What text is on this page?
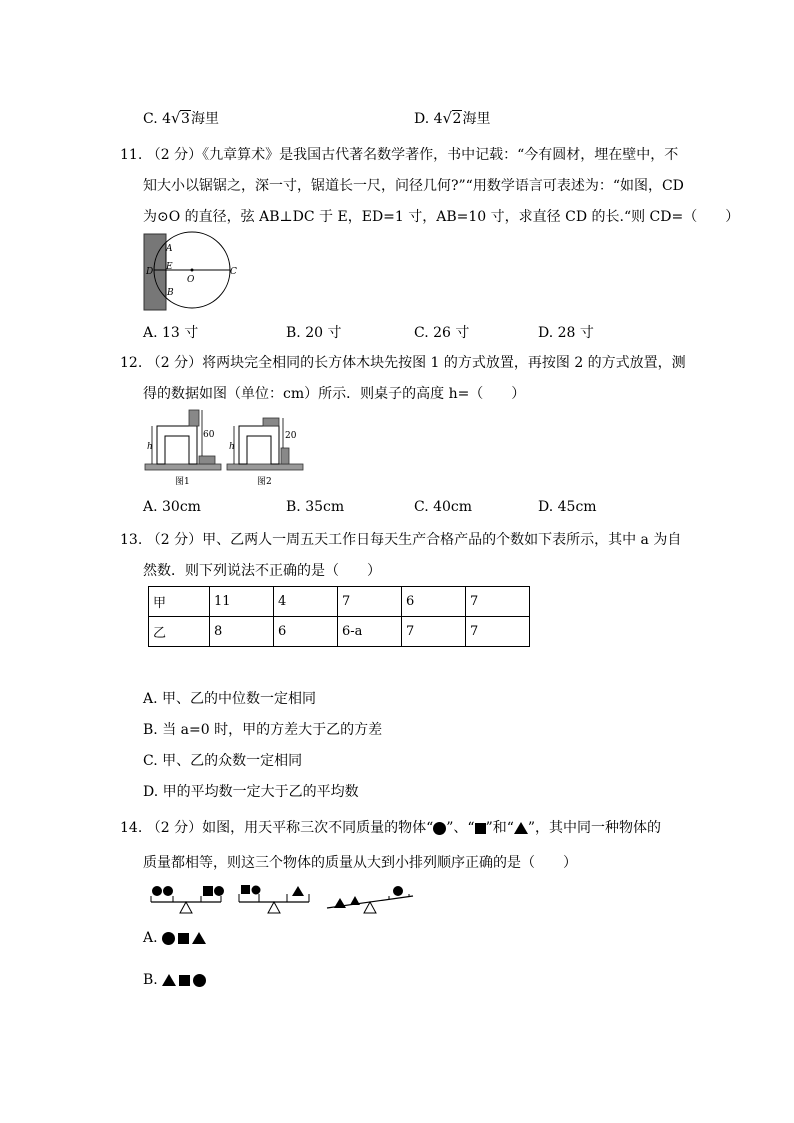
C. 4 √ 3海里	D. 4 √ 2海里
11. （2 分）《九章算术》是我国古代著名数学著作，书中记载：“今有圆材，埋在壁中，不
知大小以锯锯之，深一寸，锯道长一尺，问径几何?”“用数学语言可表述为：“如图，CD
为⊙O 的直径，弦 AB⊥DC 于 E，ED=1 寸，AB=10 寸，求直径 CD 的长.“则 CD=（　　）
A
D E
O
C
B
A. 13 寸	B. 20 寸	C. 26 寸	D. 28 寸
12. （2 分）将两块完全相同的长方体木块先按图 1 的方式放置，再按图 2 的方式放置，测
得的数据如图（单位：cm）所示．则桌子的高度 h=（　　）
h
60
图1
h
20
图2
A. 30cm	B. 35cm	C. 40cm	D. 45cm
13. （2 分）甲、乙两人一周五天工作日每天生产合格产品的个数如下表所示，其中 a 为自
然数．则下列说法不正确的是（　　）
甲	11	4	7	6	7
乙	8	6	6-a	7	7
A. 甲、乙的中位数一定相同
B. 当 a=0 时，甲的方差大于乙的方差
C. 甲、乙的众数一定相同
D. 甲的平均数一定大于乙的平均数
14. （2 分）如图，用天平称三次不同质量的物体“ ”、“ ”和“ ”，其中同一种物体的
质量都相等，则这三个物体的质量从大到小排列顺序正确的是（　　）
A.
B.
